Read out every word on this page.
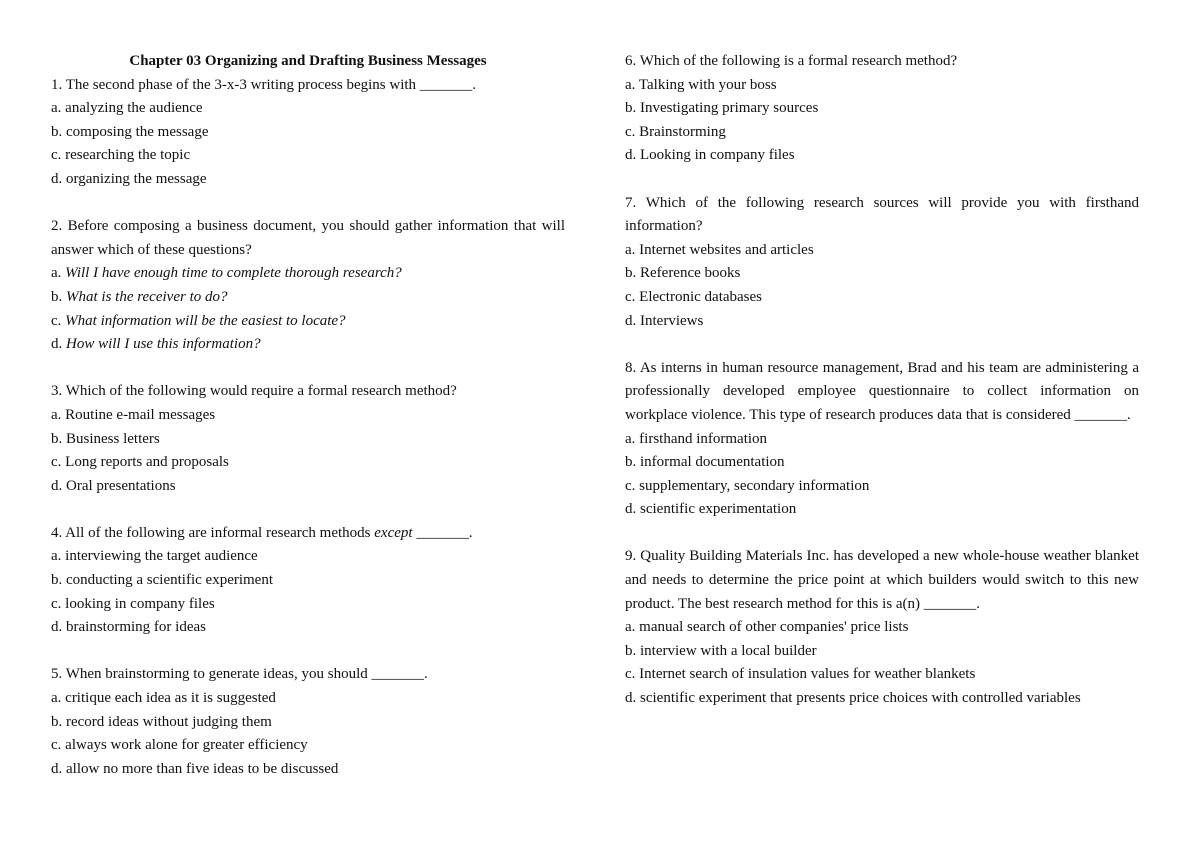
Chapter 03 Organizing and Drafting Business Messages

1. The second phase of the 3-x-3 writing process begins with _______.

a. analyzing the audience

b. composing the message

c. researching the topic

d. organizing the message

2. Before composing a business document, you should gather information that will answer which of these questions?

a. Will I have enough time to complete thorough research?

b. What is the receiver to do?

c. What information will be the easiest to locate?

d. How will I use this information?

3. Which of the following would require a formal research method?

a. Routine e-mail messages

b. Business letters

c. Long reports and proposals

d. Oral presentations

4. All of the following are informal research methods except _______.

a. interviewing the target audience

b. conducting a scientific experiment

c. looking in company files

d. brainstorming for ideas

5. When brainstorming to generate ideas, you should _______.

a. critique each idea as it is suggested

b. record ideas without judging them

c. always work alone for greater efficiency

d. allow no more than five ideas to be discussed

6. Which of the following is a formal research method?

a. Talking with your boss

b. Investigating primary sources

c. Brainstorming

d. Looking in company files

7. Which of the following research sources will provide you with firsthand information?

a. Internet websites and articles

b. Reference books

c. Electronic databases

d. Interviews

8. As interns in human resource management, Brad and his team are administering a professionally developed employee questionnaire to collect information on workplace violence. This type of research produces data that is considered _______.

a. firsthand information

b. informal documentation

c. supplementary, secondary information

d. scientific experimentation

9. Quality Building Materials Inc. has developed a new whole-house weather blanket and needs to determine the price point at which builders would switch to this new product. The best research method for this is a(n) _______.

a. manual search of other companies' price lists

b. interview with a local builder

c. Internet search of insulation values for weather blankets

d. scientific experiment that presents price choices with controlled variables
